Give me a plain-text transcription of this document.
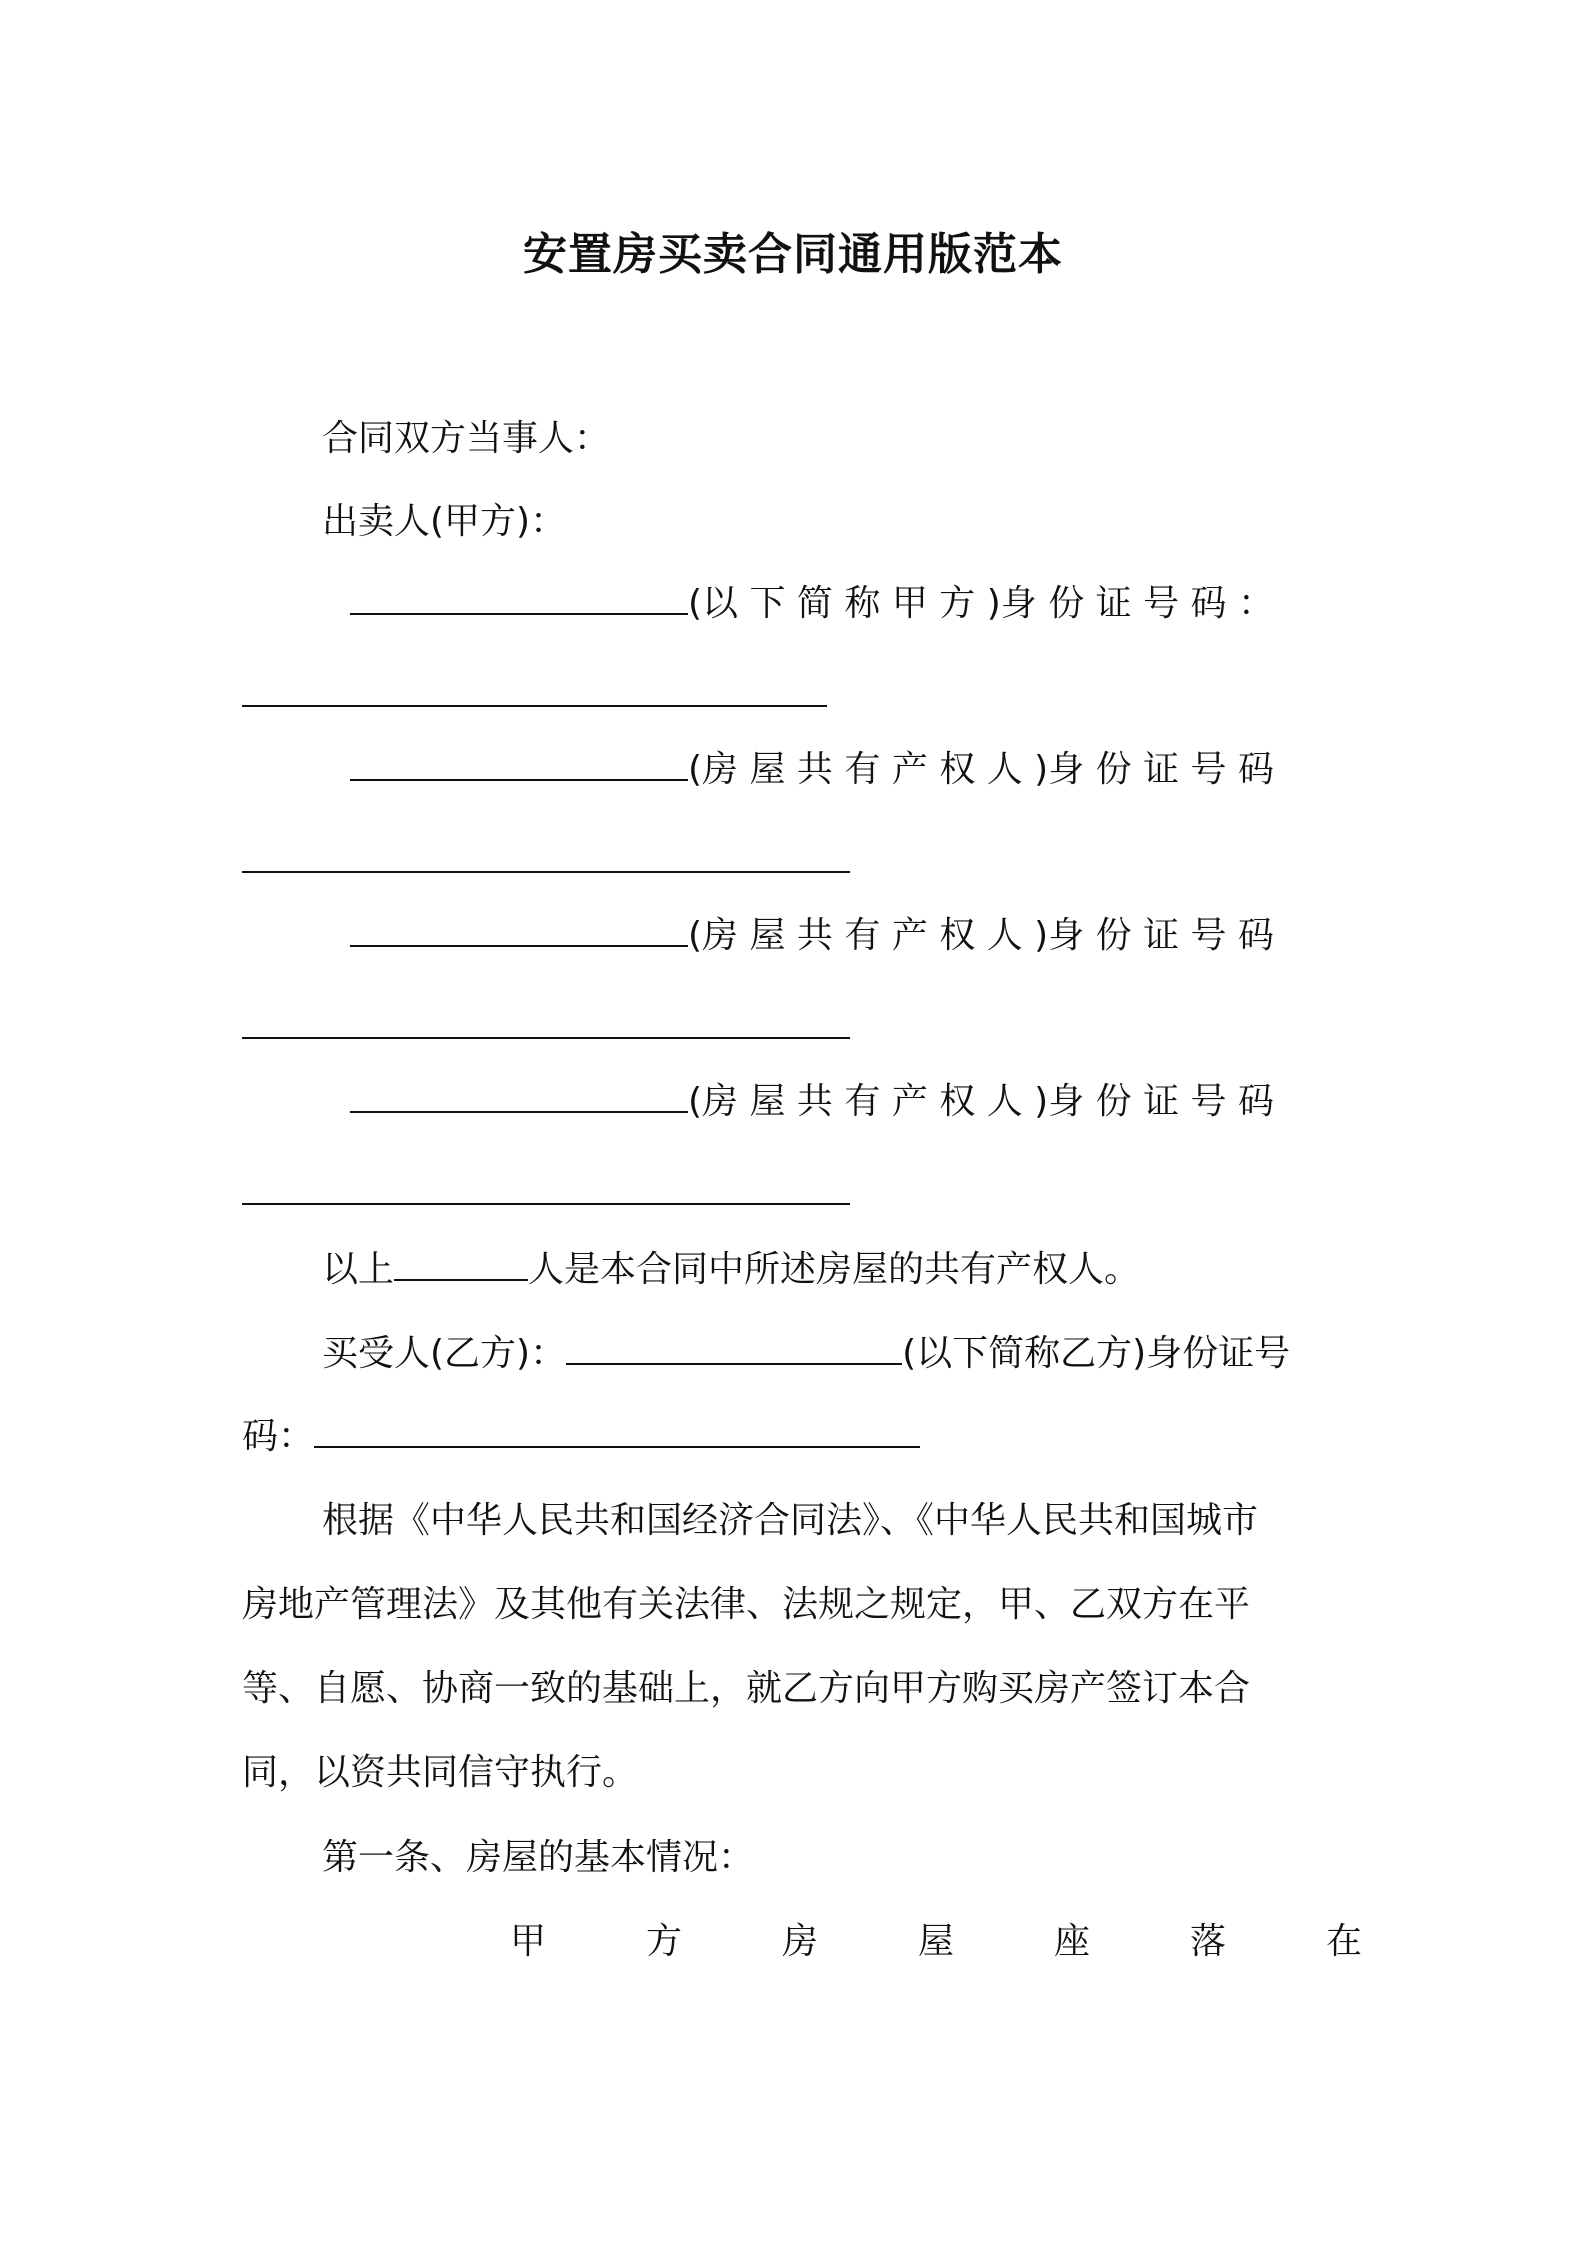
安置房买卖合同通用版范本
合同双方当事人：
出卖人(甲方)：
(以 下 简 称 甲 方 )身 份 证 号 码 ：
(房 屋 共 有 产 权 人 )身 份 证 号 码
(房 屋 共 有 产 权 人 )身 份 证 号 码
(房 屋 共 有 产 权 人 )身 份 证 号 码
以上	人是本合同中所述房屋的共有产权人。
买受人(乙方)：	(以下简称乙方)身份证号
码：
根据《中华人民共和国经济合同法》、《中华人民共和国城市
房地产管理法》及其他有关法律、法规之规定，甲、乙双方在平
等、自愿、协商一致的基础上，就乙方向甲方购买房产签订本合
同，以资共同信守执行。
第一条、房屋的基本情况：
甲方房屋座落在
